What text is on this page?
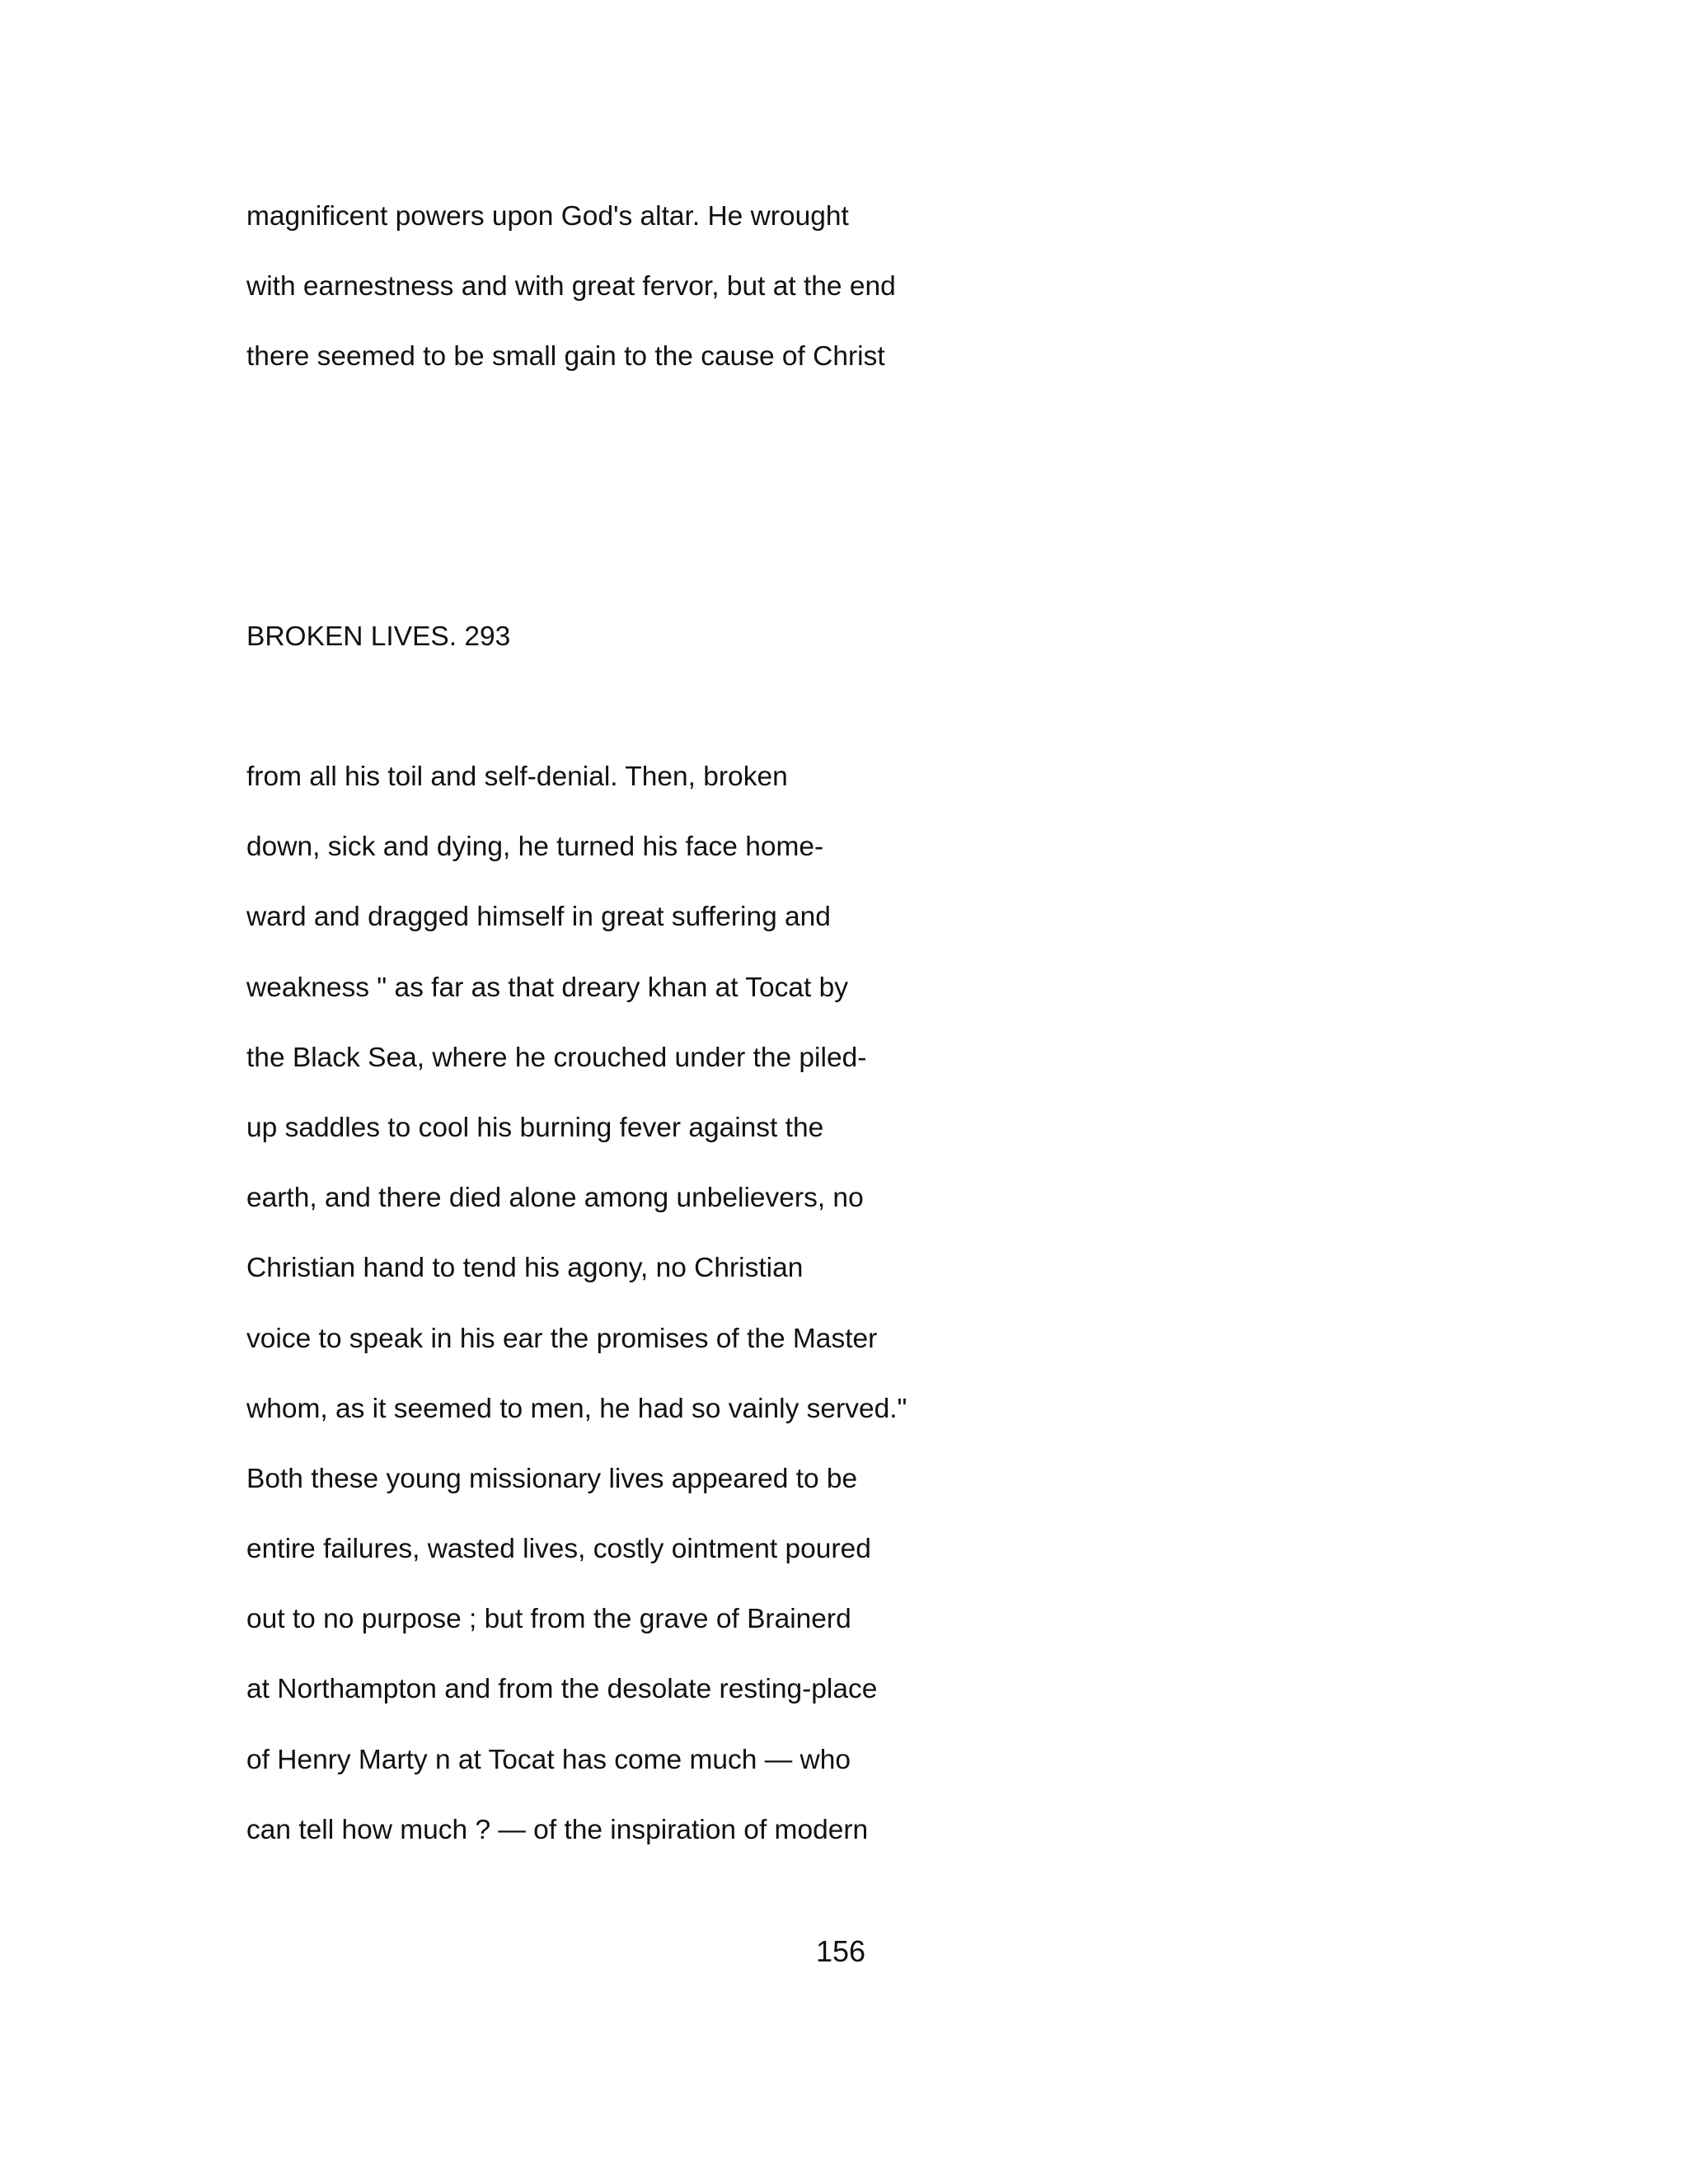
magnificent powers upon God's altar. He wrought
with earnestness and with great fervor, but at the end
there seemed to be small gain to the cause of Christ
BROKEN LIVES. 293
from all his toil and self-denial. Then, broken
down, sick and dying, he turned his face home-
ward and dragged himself in great suffering and
weakness " as far as that dreary khan at Tocat by
the Black Sea, where he crouched under the piled-
up saddles to cool his burning fever against the
earth, and there died alone among unbelievers, no
Christian hand to tend his agony, no Christian
voice to speak in his ear the promises of the Master
whom, as it seemed to men, he had so vainly served."
Both these young missionary lives appeared to be
entire failures, wasted lives, costly ointment poured
out to no purpose ; but from the grave of Brainerd
at Northampton and from the desolate resting-place
of Henry Marty n at Tocat has come much — who
can tell how much ? — of the inspiration of modern
156
